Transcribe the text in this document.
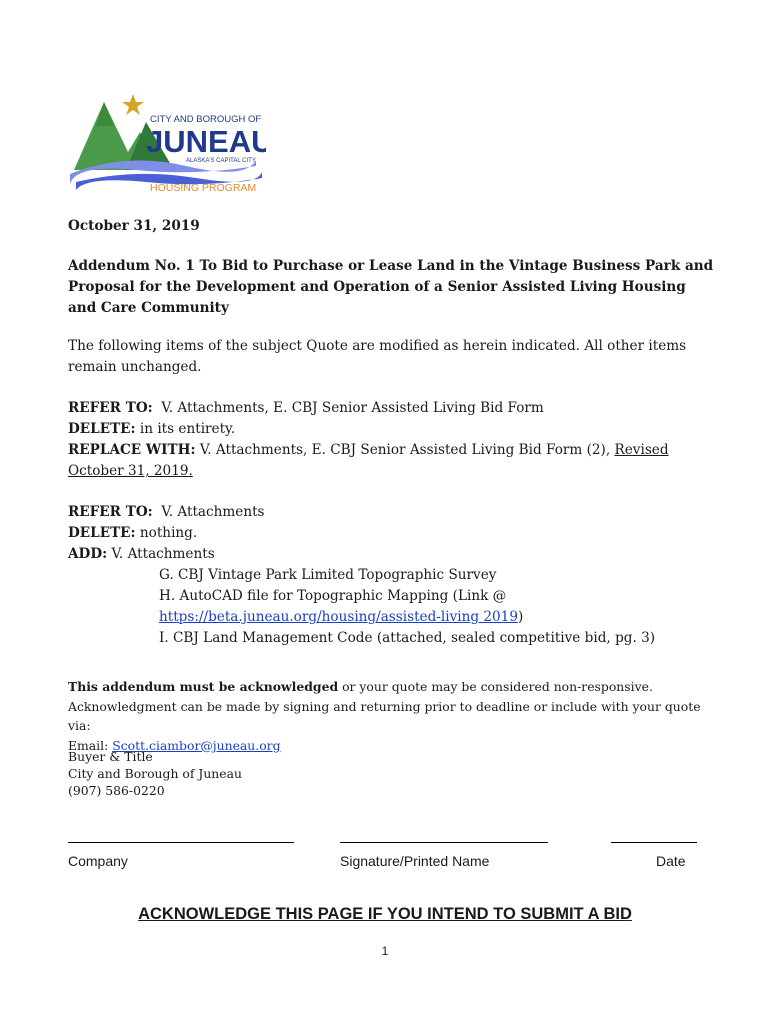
CITY AND BOROUGH OF
JUNEAU
ALASKA'S CAPITAL CITY
HOUSING PROGRAM
October 31, 2019
Addendum No. 1 To Bid to Purchase or Lease Land in the Vintage Business Park and Proposal for the Development and Operation of a Senior Assisted Living Housing and Care Community
The following items of the subject Quote are modified as herein indicated. All other items remain unchanged.
REFER TO: V. Attachments, E. CBJ Senior Assisted Living Bid Form
DELETE: in its entirety.
REPLACE WITH: V. Attachments, E. CBJ Senior Assisted Living Bid Form (2), Revised October 31, 2019.
REFER TO: V. Attachments
DELETE: nothing.
ADD: V. Attachments
G. CBJ Vintage Park Limited Topographic Survey
H. AutoCAD file for Topographic Mapping (Link @
https://beta.juneau.org/housing/assisted-living 2019)
I. CBJ Land Management Code (attached, sealed competitive bid, pg. 3)
This addendum must be acknowledged or your quote may be considered non-responsive.
Acknowledgment can be made by signing and returning prior to deadline or include with your quote via:
Email: Scott.ciambor@juneau.org
Buyer & Title
City and Borough of Juneau
(907) 586-0220
Company	Signature/Printed Name	Date
ACKNOWLEDGE THIS PAGE IF YOU INTEND TO SUBMIT A BID
1
